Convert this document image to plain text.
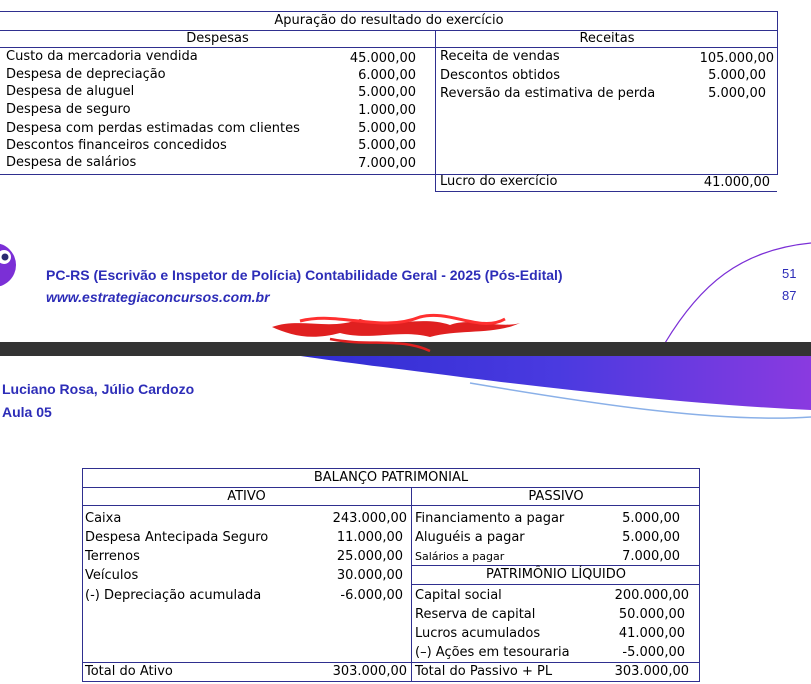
Apuração do resultado do exercício
Despesas	Receitas
Custo da mercadoria vendida	45.000,00
Despesa de depreciação	6.000,00
Despesa de aluguel	5.000,00
Despesa de seguro	1.000,00
Despesa com perdas estimadas com clientes	5.000,00
Descontos financeiros concedidos	5.000,00
Despesa de salários	7.000,00
Receita de vendas	105.000,00
Descontos obtidos	5.000,00
Reversão da estimativa de perda	5.000,00
Lucro do exercício	41.000,00
PC-RS (Escrivão e Inspetor de Polícia) Contabilidade Geral - 2025 (Pós-Edital)
www.estrategiaconcursos.com.br
51
87
Luciano Rosa, Júlio Cardozo
Aula 05
BALANÇO PATRIMONIAL
ATIVO	PASSIVO
Caixa	243.000,00
Despesa Antecipada Seguro	11.000,00
Terrenos	25.000,00
Veículos	30.000,00
(-) Depreciação acumulada	-6.000,00
Financiamento a pagar	5.000,00
Aluguéis a pagar	5.000,00
Salários a pagar	7.000,00
PATRIMÔNIO LÍQUIDO
Capital social	200.000,00
Reserva de capital	50.000,00
Lucros acumulados	41.000,00
(–) Ações em tesouraria	-5.000,00
Total do Ativo	303.000,00 Total do Passivo + PL	303.000,00
